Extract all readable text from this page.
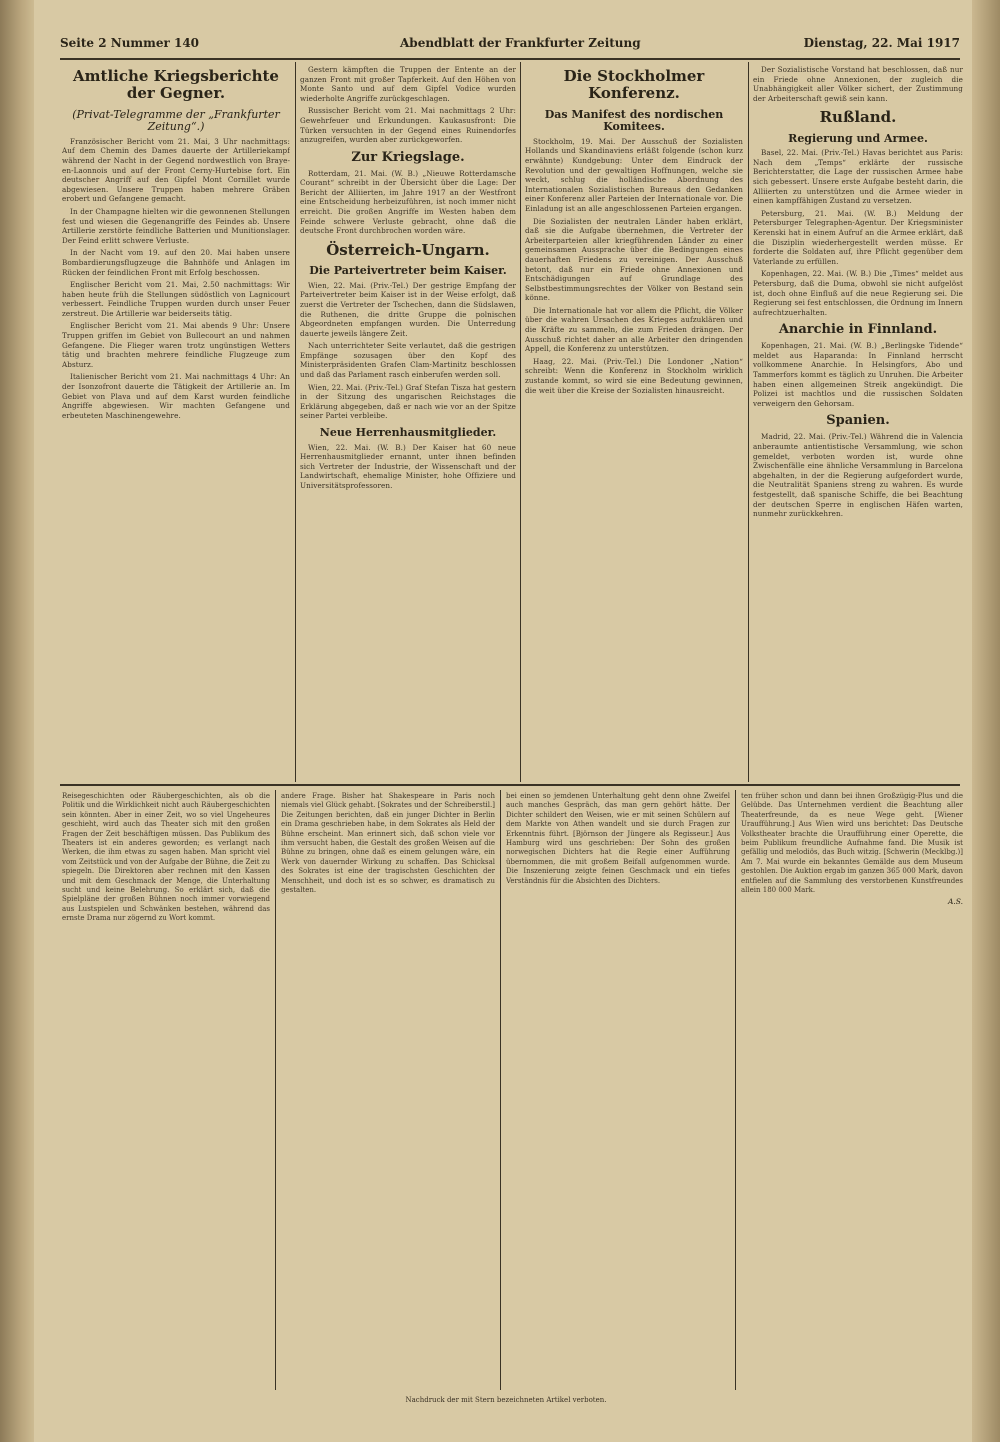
Seite 2 Nummer 140	Abendblatt der Frankfurter Zeitung	Dienstag, 22. Mai 1917
Amtliche Kriegsberichte der Gegner.
(Privat-Telegramme der „Frankfurter Zeitung“.)

Französischer Bericht vom 21. Mai, 3 Uhr nachmittags: Auf dem Chemin des Dames dauerte der Artilleriekampf während der Nacht in der Gegend nordwestlich von Braye-en-Laonnois und auf der Front Cerny-Hurtebise fort. Ein deutscher Angriff auf den Gipfel Mont Cornillet wurde abgewiesen. Unsere Truppen haben mehrere Gräben erobert und Gefangene gemacht.

In der Champagne hielten wir die gewonnenen Stellungen fest und wiesen die Gegenangriffe des Feindes ab. Unsere Artillerie zerstörte feindliche Batterien und Munitionslager. Der Feind erlitt schwere Verluste.

In der Nacht vom 19. auf den 20. Mai haben unsere Bombardierungsflugzeuge die Bahnhöfe und Anlagen im Rücken der feindlichen Front mit Erfolg beschossen.

Englischer Bericht vom 21. Mai, 2.50 nachmittags: Wir haben heute früh die Stellungen südöstlich von Lagnicourt verbessert. Feindliche Truppen wurden durch unser Feuer zerstreut. Die Artillerie war beiderseits tätig.

Englischer Bericht vom 21. Mai abends 9 Uhr: Unsere Truppen griffen im Gebiet von Bullecourt an und nahmen Gefangene. Die Flieger waren trotz ungünstigen Wetters tätig und brachten mehrere feindliche Flugzeuge zum Absturz.

Italienischer Bericht vom 21. Mai nachmittags 4 Uhr: An der Isonzofront dauerte die Tätigkeit der Artillerie an. Im Gebiet von Plava und auf dem Karst wurden feindliche Angriffe abgewiesen. Wir machten Gefangene und erbeuteten Maschinengewehre.

Gestern kämpften die Truppen der Entente an der ganzen Front mit großer Tapferkeit. Auf den Höhen von Monte Santo und auf dem Gipfel Vodice wurden wiederholte Angriffe zurückgeschlagen.

Russischer Bericht vom 21. Mai nachmittags 2 Uhr: Gewehrfeuer und Erkundungen. Kaukasusfront: Die Türken versuchten in der Gegend eines Ruinendorfes anzugreifen, wurden aber zurückgeworfen.

Zur Kriegslage.

Rotterdam, 21. Mai. (W. B.) „Nieuwe Rotterdamsche Courant“ schreibt in der Übersicht über die Lage: Der Bericht der Alliierten, im Jahre 1917 an der Westfront eine Entscheidung herbeizuführen, ist noch immer nicht erreicht. Die großen Angriffe im Westen haben dem Feinde schwere Verluste gebracht, ohne daß die deutsche Front durchbrochen worden wäre.

Österreich-Ungarn.
Die Parteivertreter beim Kaiser.

Wien, 22. Mai. (Priv.-Tel.) Der gestrige Empfang der Parteivertreter beim Kaiser ist in der Weise erfolgt, daß zuerst die Vertreter der Tschechen, dann die Südslawen, die Ruthenen, die dritte Gruppe die polnischen Abgeordneten empfangen wurden. Die Unterredung dauerte jeweils längere Zeit.

Nach unterrichteter Seite verlautet, daß die gestrigen Empfänge sozusagen über den Kopf des Ministerpräsidenten Grafen Clam-Martinitz beschlossen und daß das Parlament rasch einberufen werden soll.

Wien, 22. Mai. (Priv.-Tel.) Graf Stefan Tisza hat gestern in der Sitzung des ungarischen Reichstages die Erklärung abgegeben, daß er nach wie vor an der Spitze seiner Partei verbleibe.

Neue Herrenhausmitglieder.

Wien, 22. Mai. (W. B.) Der Kaiser hat 60 neue Herrenhausmitglieder ernannt, unter ihnen befinden sich Vertreter der Industrie, der Wissenschaft und der Landwirtschaft, ehemalige Minister, hohe Offiziere und Universitätsprofessoren.

Die Stockholmer Konferenz.
Das Manifest des nordischen Komitees.

Stockholm, 19. Mai. Der Ausschuß der Sozialisten Hollands und Skandinaviens erläßt folgende (schon kurz erwähnte) Kundgebung: Unter dem Eindruck der Revolution und der gewaltigen Hoffnungen, welche sie weckt, schlug die holländische Abordnung des Internationalen Sozialistischen Bureaus den Gedanken einer Konferenz aller Parteien der Internationale vor. Die Einladung ist an alle angeschlossenen Parteien ergangen.

Die Sozialisten der neutralen Länder haben erklärt, daß sie die Aufgabe übernehmen, die Vertreter der Arbeiterparteien aller kriegführenden Länder zu einer gemeinsamen Aussprache über die Bedingungen eines dauerhaften Friedens zu vereinigen. Der Ausschuß betont, daß nur ein Friede ohne Annexionen und Entschädigungen auf Grundlage des Selbstbestimmungsrechtes der Völker von Bestand sein könne.

Die Internationale hat vor allem die Pflicht, die Völker über die wahren Ursachen des Krieges aufzuklären und die Kräfte zu sammeln, die zum Frieden drängen. Der Ausschuß richtet daher an alle Arbeiter den dringenden Appell, die Konferenz zu unterstützen.

Haag, 22. Mai. (Priv.-Tel.) Die Londoner „Nation“ schreibt: Wenn die Konferenz in Stockholm wirklich zustande kommt, so wird sie eine Bedeutung gewinnen, die weit über die Kreise der Sozialisten hinausreicht.

Der Sozialistische Vorstand hat beschlossen, daß nur ein Friede ohne Annexionen, der zugleich die Unabhängigkeit aller Völker sichert, der Zustimmung der Arbeiterschaft gewiß sein kann.

Rußland.
Regierung und Armee.

Basel, 22. Mai. (Priv.-Tel.) Havas berichtet aus Paris: Nach dem „Temps“ erklärte der russische Berichterstatter, die Lage der russischen Armee habe sich gebessert. Unsere erste Aufgabe besteht darin, die Alliierten zu unterstützen und die Armee wieder in einen kampffähigen Zustand zu versetzen.

Petersburg, 21. Mai. (W. B.) Meldung der Petersburger Telegraphen-Agentur. Der Kriegsminister Kerenski hat in einem Aufruf an die Armee erklärt, daß die Disziplin wiederhergestellt werden müsse. Er forderte die Soldaten auf, ihre Pflicht gegenüber dem Vaterlande zu erfüllen.

Kopenhagen, 22. Mai. (W. B.) Die „Times“ meldet aus Petersburg, daß die Duma, obwohl sie nicht aufgelöst ist, doch ohne Einfluß auf die neue Regierung sei. Die Regierung sei fest entschlossen, die Ordnung im Innern aufrechtzuerhalten.

Anarchie in Finnland.

Kopenhagen, 21. Mai. (W. B.) „Berlingske Tidende“ meldet aus Haparanda: In Finnland herrscht vollkommene Anarchie. In Helsingfors, Abo und Tammerfors kommt es täglich zu Unruhen. Die Arbeiter haben einen allgemeinen Streik angekündigt. Die Polizei ist machtlos und die russischen Soldaten verweigern den Gehorsam.

Spanien.

Madrid, 22. Mai. (Priv.-Tel.) Während die in Valencia anberaumte antientistische Versammlung, wie schon gemeldet, verboten worden ist, wurde ohne Zwischenfälle eine ähnliche Versammlung in Barcelona abgehalten, in der die Regierung aufgefordert wurde, die Neutralität Spaniens streng zu wahren. Es wurde festgestellt, daß spanische Schiffe, die bei Beachtung der deutschen Sperre in englischen Häfen warten, nunmehr zurückkehren.

Reisegeschichten oder Räubergeschichten, als ob die Politik und die Wirklichkeit nicht auch Räubergeschichten sein könnten. Aber in einer Zeit, wo so viel Ungeheures geschieht, wird auch das Theater sich mit den großen Fragen der Zeit beschäftigen müssen. Das Publikum des Theaters ist ein anderes geworden; es verlangt nach Werken, die ihm etwas zu sagen haben. Man spricht viel vom Zeitstück und von der Aufgabe der Bühne, die Zeit zu spiegeln. Die Direktoren aber rechnen mit den Kassen und mit dem Geschmack der Menge, die Unterhaltung sucht und keine Belehrung. So erklärt sich, daß die Spielpläne der großen Bühnen noch immer vorwiegend aus Lustspielen und Schwänken bestehen, während das ernste Drama nur zögernd zu Wort kommt.

andere Frage. Bisher hat Shakespeare in Paris noch niemals viel Glück gehabt. [Sokrates und der Schreiberstil.] Die Zeitungen berichten, daß ein junger Dichter in Berlin ein Drama geschrieben habe, in dem Sokrates als Held der Bühne erscheint. Man erinnert sich, daß schon viele vor ihm versucht haben, die Gestalt des großen Weisen auf die Bühne zu bringen, ohne daß es einem gelungen wäre, ein Werk von dauernder Wirkung zu schaffen. Das Schicksal des Sokrates ist eine der tragischsten Geschichten der Menschheit, und doch ist es so schwer, es dramatisch zu gestalten.

bei einen so jemdenen Unterhaltung geht denn ohne Zweifel auch manches Gespräch, das man gern gehört hätte. Der Dichter schildert den Weisen, wie er mit seinen Schülern auf dem Markte von Athen wandelt und sie durch Fragen zur Erkenntnis führt. [Björnson der Jüngere als Regisseur.] Aus Hamburg wird uns geschrieben: Der Sohn des großen norwegischen Dichters hat die Regie einer Aufführung übernommen, die mit großem Beifall aufgenommen wurde. Die Inszenierung zeigte feinen Geschmack und ein tiefes Verständnis für die Absichten des Dichters.

ten früher schon und dann bei ihnen Großzügig-Plus und die Gelübde. Das Unternehmen verdient die Beachtung aller Theaterfreunde, da es neue Wege geht. [Wiener Uraufführung.] Aus Wien wird uns berichtet: Das Deutsche Volkstheater brachte die Uraufführung einer Operette, die beim Publikum freundliche Aufnahme fand. Die Musik ist gefällig und melodiös, das Buch witzig. [Schwerin (Mecklbg.)] Am 7. Mai wurde ein bekanntes Gemälde aus dem Museum gestohlen. Die Auktion ergab im ganzen 365 000 Mark, davon entfielen auf die Sammlung des verstorbenen Kunstfreundes allein 180 000 Mark.

A.S.
Nachdruck der mit Stern bezeichneten Artikel verboten.
